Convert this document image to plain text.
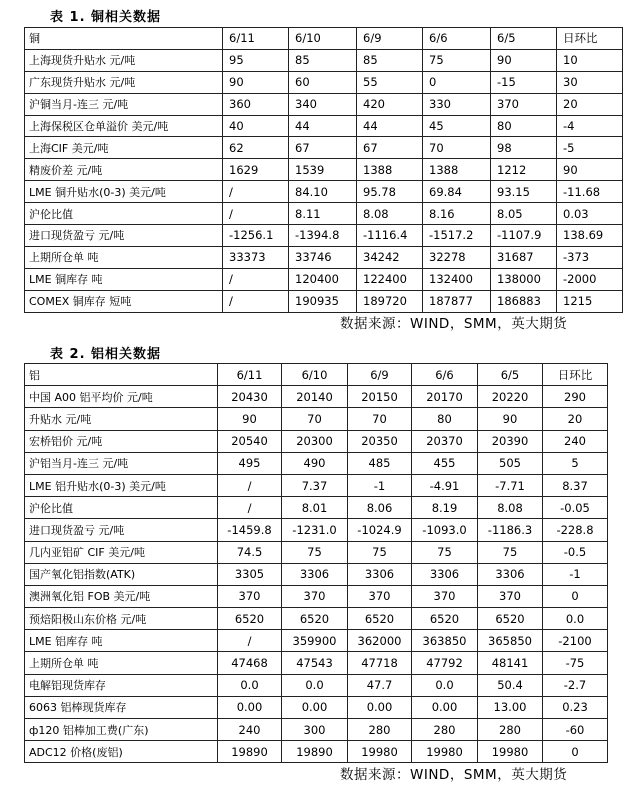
表 1. 铜相关数据
铜	6/11	6/10	6/9	6/6	6/5	日环比
上海现货升贴水 元/吨	95	85	85	75	90	10
广东现货升贴水 元/吨	90	60	55	0	-15	30
沪铜当月-连三 元/吨	360	340	420	330	370	20
上海保税区仓单溢价 美元/吨	40	44	44	45	80	-4
上海CIF 美元/吨	62	67	67	70	98	-5
精废价差 元/吨	1629	1539	1388	1388	1212	90
LME 铜升贴水(0-3) 美元/吨	/	84.10	95.78	69.84	93.15	-11.68
沪伦比值	/	8.11	8.08	8.16	8.05	0.03
进口现货盈亏 元/吨	-1256.1	-1394.8	-1116.4	-1517.2	-1107.9	138.69
上期所仓单 吨	33373	33746	34242	32278	31687	-373
LME 铜库存 吨	/	120400	122400	132400	138000	-2000
COMEX 铜库存 短吨	/	190935	189720	187877	186883	1215
数据来源：WIND，SMM，英大期货
表 2. 铝相关数据
铝	6/11	6/10	6/9	6/6	6/5	日环比
中国 A00 铝平均价 元/吨	20430	20140	20150	20170	20220	290
升贴水 元/吨	90	70	70	80	90	20
宏桥铝价 元/吨	20540	20300	20350	20370	20390	240
沪铝当月-连三 元/吨	495	490	485	455	505	5
LME 铝升贴水(0-3) 美元/吨	/	7.37	-1	-4.91	-7.71	8.37
沪伦比值	/	8.01	8.06	8.19	8.08	-0.05
进口现货盈亏 元/吨	-1459.8	-1231.0	-1024.9	-1093.0	-1186.3	-228.8
几内亚铝矿 CIF 美元/吨	74.5	75	75	75	75	-0.5
国产氧化铝指数(ATK)	3305	3306	3306	3306	3306	-1
澳洲氧化铝 FOB 美元/吨	370	370	370	370	370	0
预焙阳极山东价格 元/吨	6520	6520	6520	6520	6520	0.0
LME 铝库存 吨	/	359900	362000	363850	365850	-2100
上期所仓单 吨	47468	47543	47718	47792	48141	-75
电解铝现货库存	0.0	0.0	47.7	0.0	50.4	-2.7
6063 铝棒现货库存	0.00	0.00	0.00	0.00	13.00	0.23
ф120 铝棒加工费(广东)	240	300	280	280	280	-60
ADC12 价格(废铝)	19890	19890	19980	19980	19980	0
数据来源：WIND，SMM，英大期货
